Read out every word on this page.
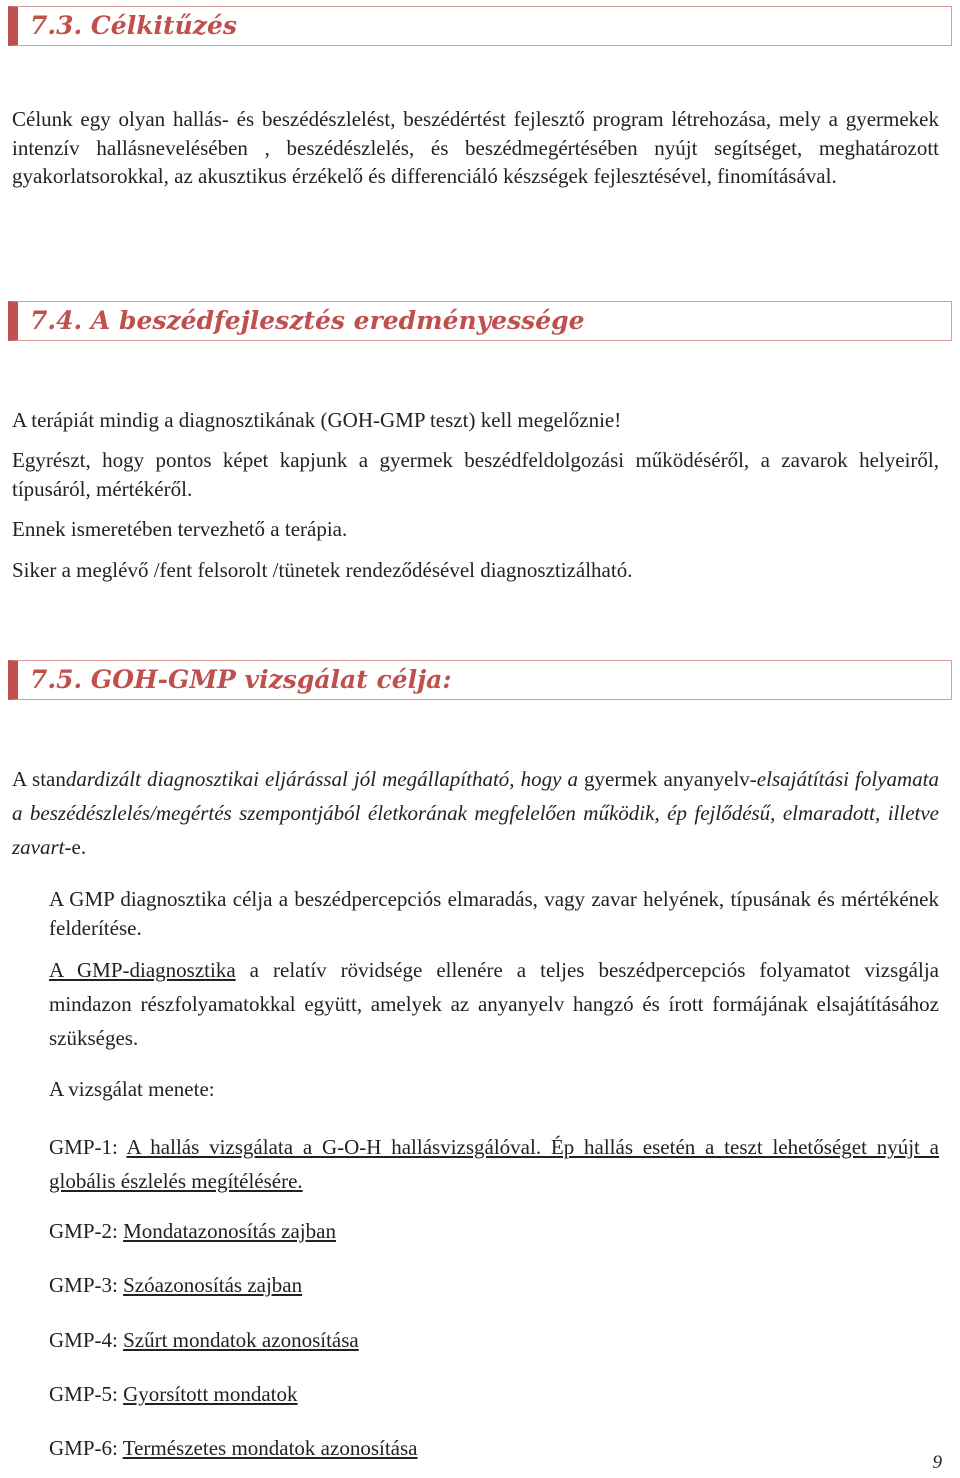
7.3. Célkitűzés

Célunk egy olyan hallás- és beszédészlelést, beszédértést fejlesztő program létrehozása, mely a gyermekek intenzív hallásnevelésében , beszédészlelés, és beszédmegértésében nyújt segítséget, meghatározott gyakorlatsorokkal, az akusztikus érzékelő és differenciáló készségek fejlesztésével, finomításával.

7.4. A beszédfejlesztés eredményessége

A terápiát mindig a diagnosztikának (GOH-GMP teszt) kell megelőznie!

Egyrészt, hogy pontos képet kapjunk a gyermek beszédfeldolgozási működéséről, a zavarok helyeiről, típusáról, mértékéről.

Ennek ismeretében tervezhető a terápia.

Siker a meglévő /fent felsorolt /tünetek rendeződésével diagnosztizálható.

7.5. GOH-GMP vizsgálat célja:

A standardizált diagnosztikai eljárással jól megállapítható, hogy a gyermek anyanyelv-elsajátítási folyamata a beszédészlelés/megértés szempontjából életkorának megfelelően működik, ép fejlődésű, elmaradott, illetve zavart-e.

A GMP diagnosztika célja a beszédpercepciós elmaradás, vagy zavar helyének, típusának és mértékének felderítése.

A GMP-diagnosztika a relatív rövidsége ellenére a teljes beszédpercepciós folyamatot vizsgálja mindazon részfolyamatokkal együtt, amelyek az anyanyelv hangzó és írott formájának elsajátításához szükséges.

A vizsgálat menete:

GMP-1: A hallás vizsgálata a G-O-H hallásvizsgálóval. Ép hallás esetén a teszt lehetőséget nyújt a globális észlelés megítélésére.

GMP-2: Mondatazonosítás zajban
GMP-3: Szóazonosítás zajban
GMP-4: Szűrt mondatok azonosítása
GMP-5: Gyorsított mondatok
GMP-6: Természetes mondatok azonosítása
9
